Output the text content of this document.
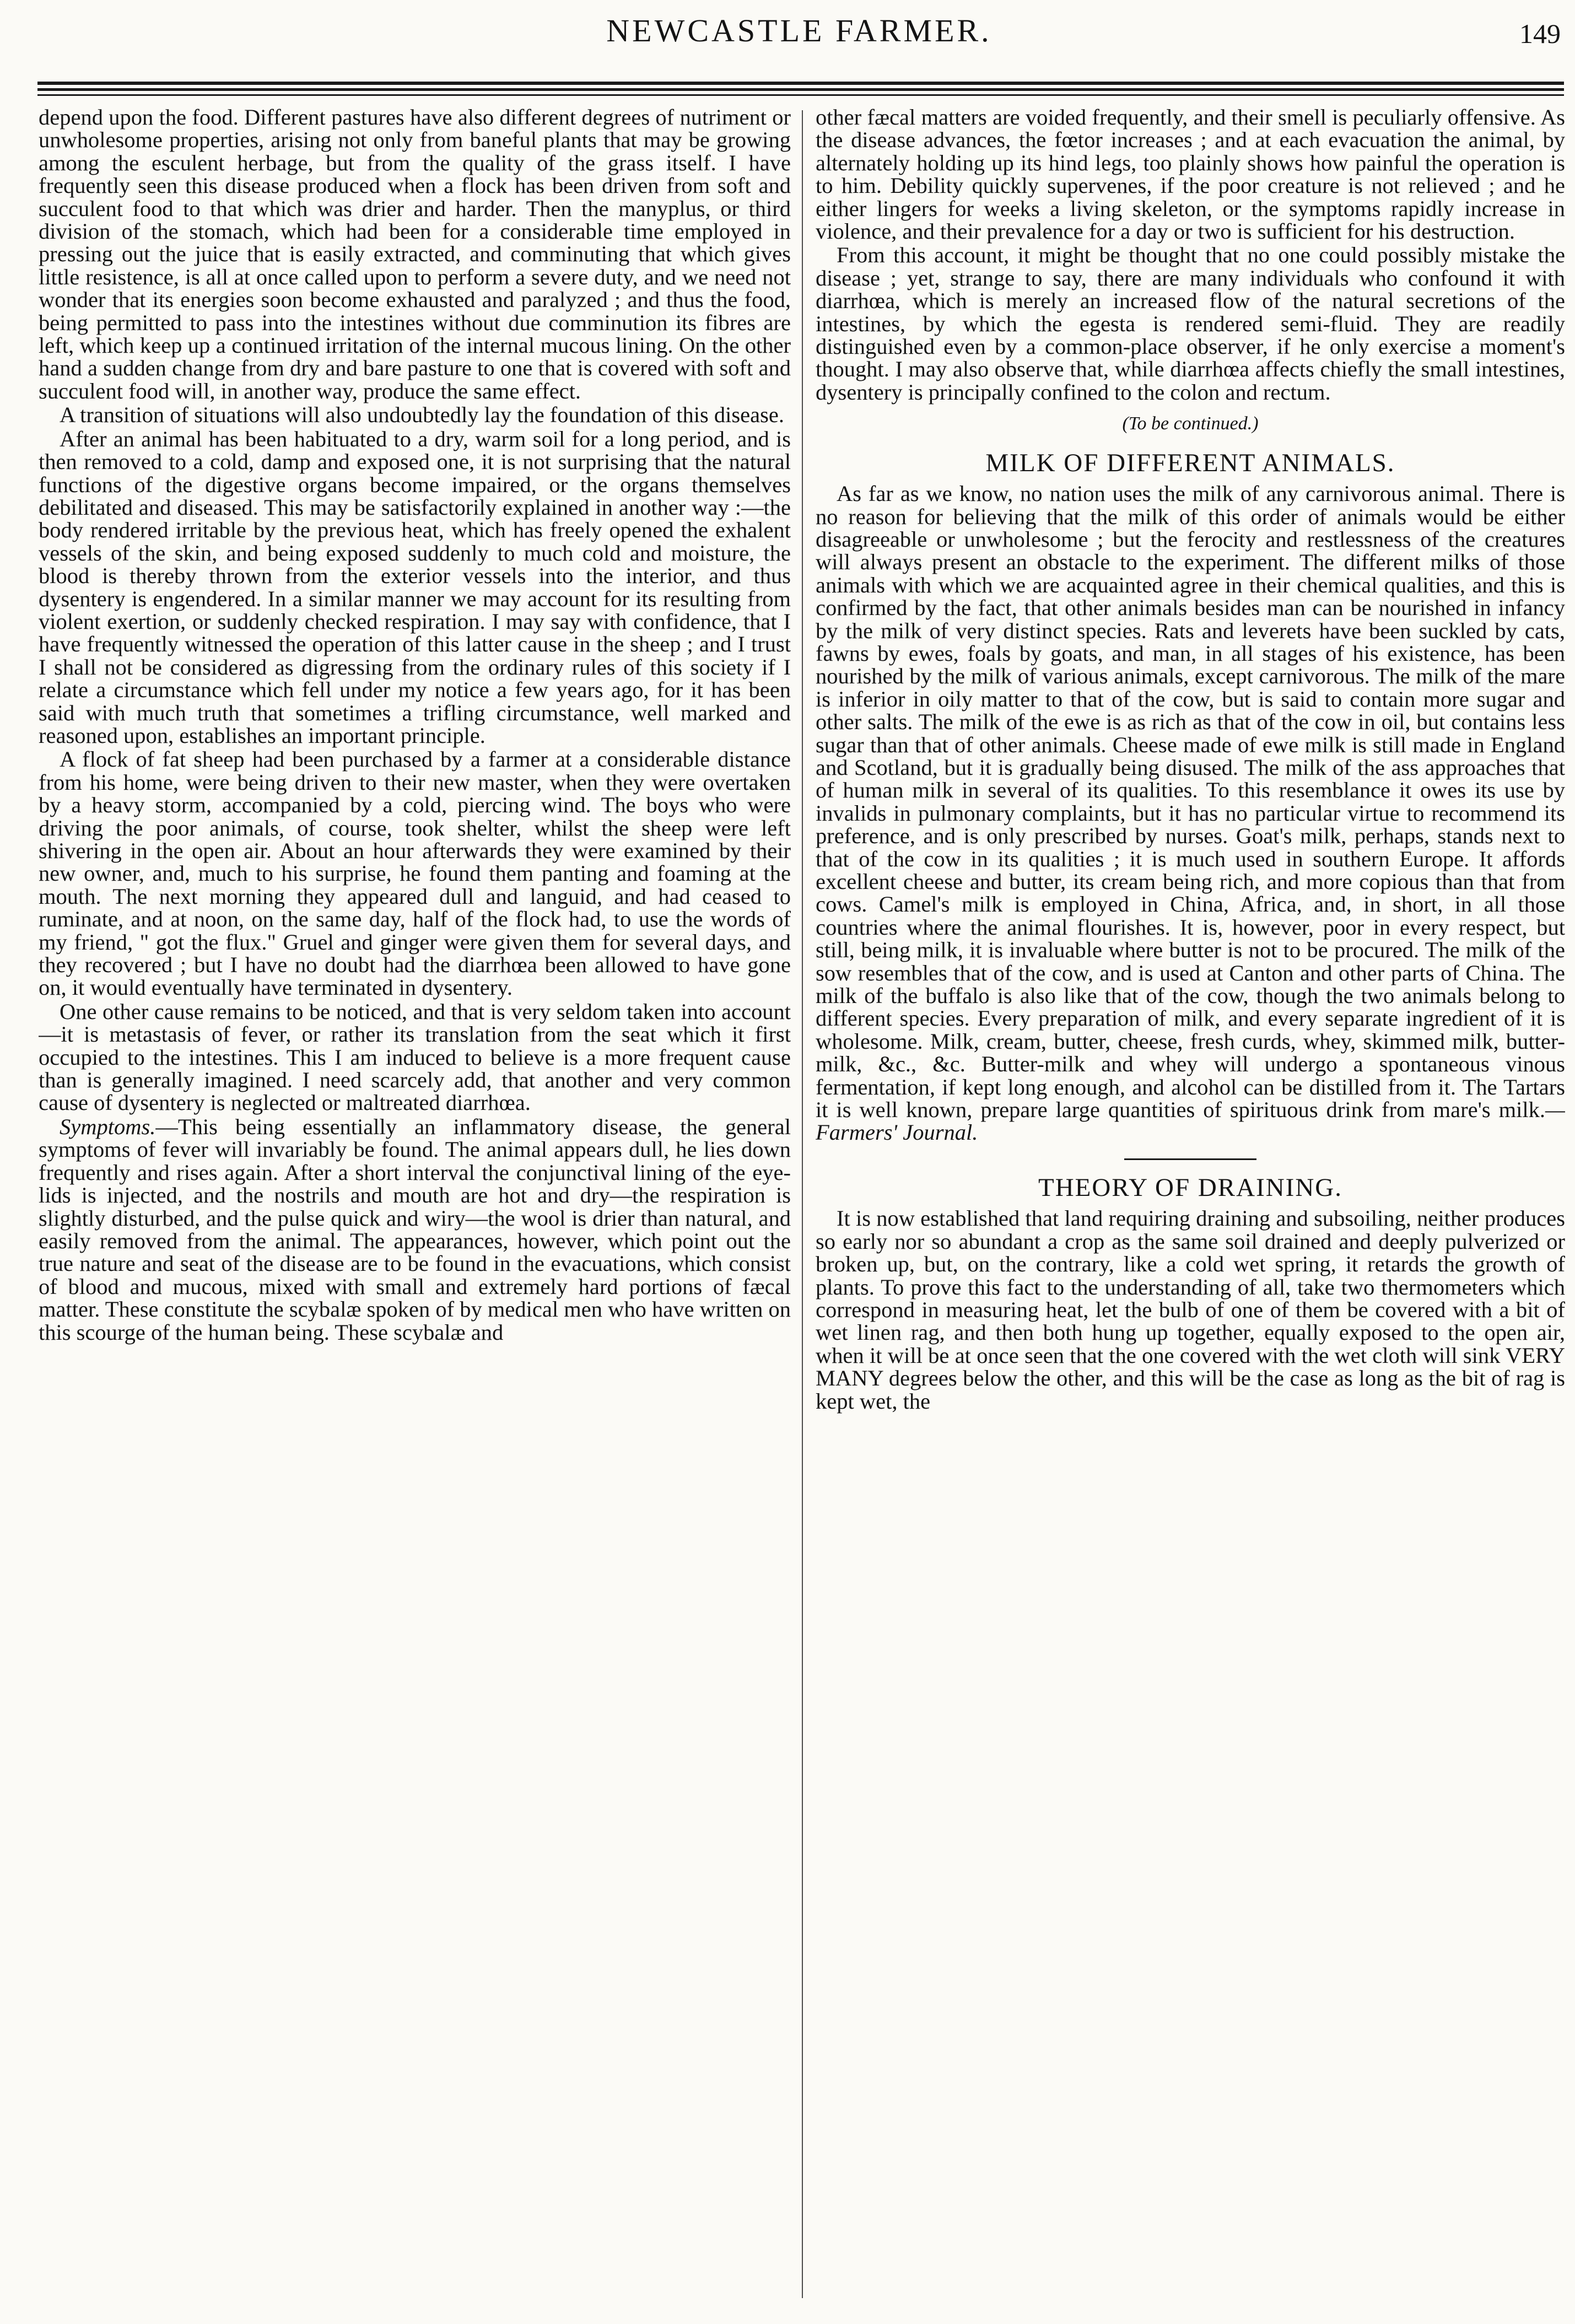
NEWCASTLE FARMER.	149

depend upon the food. Different pastures have also different degrees of nutriment or unwholesome properties, arising not only from baneful plants that may be growing among the esculent herbage, but from the quality of the grass itself. I have frequently seen this disease produced when a flock has been driven from soft and succulent food to that which was drier and harder. Then the manyplus, or third division of the stomach, which had been for a considerable time employed in pressing out the juice that is easily extracted, and comminuting that which gives little resistence, is all at once called upon to perform a severe duty, and we need not wonder that its energies soon become exhausted and paralyzed ; and thus the food, being permitted to pass into the intestines without due comminution its fibres are left, which keep up a continued irritation of the internal mucous lining. On the other hand a sudden change from dry and bare pasture to one that is covered with soft and succulent food will, in another way, produce the same effect.

A transition of situations will also undoubtedly lay the foundation of this disease.

After an animal has been habituated to a dry, warm soil for a long period, and is then removed to a cold, damp and exposed one, it is not surprising that the natural functions of the digestive organs become impaired, or the organs themselves debilitated and diseased. This may be satisfactorily explained in another way :—the body rendered irritable by the previous heat, which has freely opened the exhalent vessels of the skin, and being exposed suddenly to much cold and moisture, the blood is thereby thrown from the exterior vessels into the interior, and thus dysentery is engendered. In a similar manner we may account for its resulting from violent exertion, or suddenly checked respiration. I may say with confidence, that I have frequently witnessed the operation of this latter cause in the sheep ; and I trust I shall not be considered as digressing from the ordinary rules of this society if I relate a circumstance which fell under my notice a few years ago, for it has been said with much truth that sometimes a trifling circumstance, well marked and reasoned upon, establishes an important principle.

A flock of fat sheep had been purchased by a farmer at a considerable distance from his home, were being driven to their new master, when they were overtaken by a heavy storm, accompanied by a cold, piercing wind. The boys who were driving the poor animals, of course, took shelter, whilst the sheep were left shivering in the open air. About an hour afterwards they were examined by their new owner, and, much to his surprise, he found them panting and foaming at the mouth. The next morning they appeared dull and languid, and had ceased to ruminate, and at noon, on the same day, half of the flock had, to use the words of my friend, " got the flux." Gruel and ginger were given them for several days, and they recovered ; but I have no doubt had the diarrhœa been allowed to have gone on, it would eventually have terminated in dysentery.

One other cause remains to be noticed, and that is very seldom taken into account—it is metastasis of fever, or rather its translation from the seat which it first occupied to the intestines. This I am induced to believe is a more frequent cause than is generally imagined. I need scarcely add, that another and very common cause of dysentery is neglected or maltreated diarrhœa.

Symptoms.—This being essentially an inflammatory disease, the general symptoms of fever will invariably be found. The animal appears dull, he lies down frequently and rises again. After a short interval the conjunctival lining of the eye-lids is injected, and the nostrils and mouth are hot and dry—the respiration is slightly disturbed, and the pulse quick and wiry—the wool is drier than natural, and easily removed from the animal. The appearances, however, which point out the true nature and seat of the disease are to be found in the evacuations, which consist of blood and mucous, mixed with small and extremely hard portions of fæcal matter. These constitute the scybalæ spoken of by medical men who have written on this scourge of the human being. These scybalæ and

other fæcal matters are voided frequently, and their smell is peculiarly offensive. As the disease advances, the fœtor increases ; and at each evacuation the animal, by alternately holding up its hind legs, too plainly shows how painful the operation is to him. Debility quickly supervenes, if the poor creature is not relieved ; and he either lingers for weeks a living skeleton, or the symptoms rapidly increase in violence, and their prevalence for a day or two is sufficient for his destruction.

From this account, it might be thought that no one could possibly mistake the disease ; yet, strange to say, there are many individuals who confound it with diarrhœa, which is merely an increased flow of the natural secretions of the intestines, by which the egesta is rendered semi-fluid. They are readily distinguished even by a common-place observer, if he only exercise a moment's thought. I may also observe that, while diarrhœa affects chiefly the small intestines, dysentery is principally confined to the colon and rectum.

(To be continued.)
MILK OF DIFFERENT ANIMALS.

As far as we know, no nation uses the milk of any carnivorous animal. There is no reason for believing that the milk of this order of animals would be either disagreeable or unwholesome ; but the ferocity and restlessness of the creatures will always present an obstacle to the experiment. The different milks of those animals with which we are acquainted agree in their chemical qualities, and this is confirmed by the fact, that other animals besides man can be nourished in infancy by the milk of very distinct species. Rats and leverets have been suckled by cats, fawns by ewes, foals by goats, and man, in all stages of his existence, has been nourished by the milk of various animals, except carnivorous. The milk of the mare is inferior in oily matter to that of the cow, but is said to contain more sugar and other salts. The milk of the ewe is as rich as that of the cow in oil, but contains less sugar than that of other animals. Cheese made of ewe milk is still made in England and Scotland, but it is gradually being disused. The milk of the ass approaches that of human milk in several of its qualities. To this resemblance it owes its use by invalids in pulmonary complaints, but it has no particular virtue to recommend its preference, and is only prescribed by nurses. Goat's milk, perhaps, stands next to that of the cow in its qualities ; it is much used in southern Europe. It affords excellent cheese and butter, its cream being rich, and more copious than that from cows. Camel's milk is employed in China, Africa, and, in short, in all those countries where the animal flourishes. It is, however, poor in every respect, but still, being milk, it is invaluable where butter is not to be procured. The milk of the sow resembles that of the cow, and is used at Canton and other parts of China. The milk of the buffalo is also like that of the cow, though the two animals belong to different species. Every preparation of milk, and every separate ingredient of it is wholesome. Milk, cream, butter, cheese, fresh curds, whey, skimmed milk, butter-milk, &c., &c. Butter-milk and whey will undergo a spontaneous vinous fermentation, if kept long enough, and alcohol can be distilled from it. The Tartars it is well known, prepare large quantities of spirituous drink from mare's milk.—Farmers' Journal.

THEORY OF DRAINING.

It is now established that land requiring draining and subsoiling, neither produces so early nor so abundant a crop as the same soil drained and deeply pulverized or broken up, but, on the contrary, like a cold wet spring, it retards the growth of plants. To prove this fact to the understanding of all, take two thermometers which correspond in measuring heat, let the bulb of one of them be covered with a bit of wet linen rag, and then both hung up together, equally exposed to the open air, when it will be at once seen that the one covered with the wet cloth will sink VERY MANY degrees below the other, and this will be the case as long as the bit of rag is kept wet, the
